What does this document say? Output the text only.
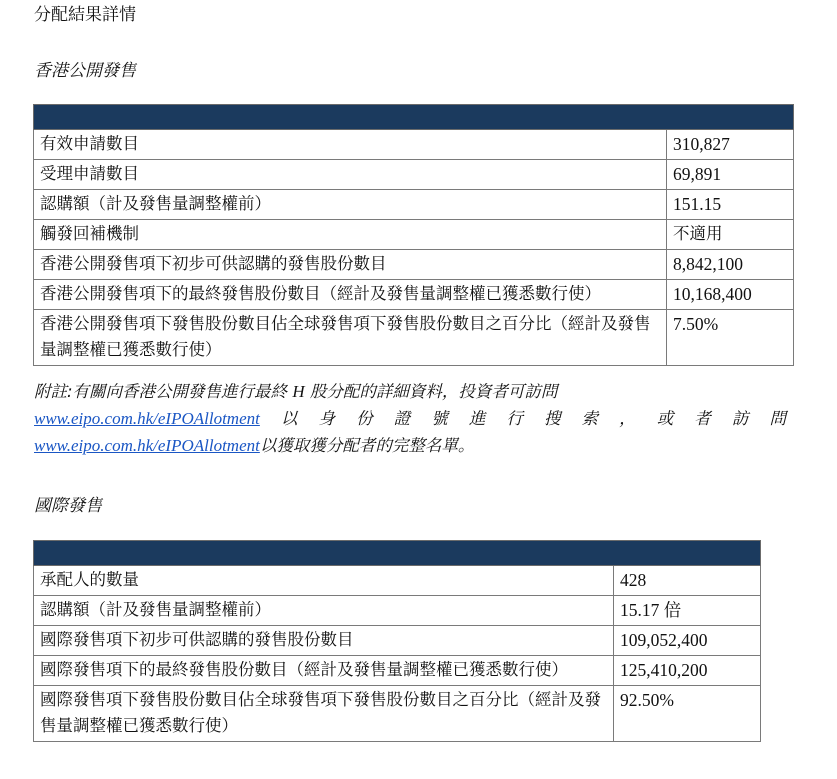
分配結果詳情
香港公開發售

有效申請數目	310,827
受理申請數目	69,891
認購額（計及發售量調整權前）	151.15
觸發回補機制	不適用
香港公開發售項下初步可供認購的發售股份數目	8,842,100
香港公開發售項下的最終發售股份數目（經計及發售量調整權已獲悉數行使）	10,168,400
香港公開發售項下發售股份數目佔全球發售項下發售股份數目之百分比（經計及發售量調整權已獲悉數行使）	7.50%
附註:有關向香港公開發售進行最終 H 股分配的詳細資料，投資者可訪問
www.eipo.com.hk/eIPOAllotment 以 身 份 證 號 進 行 搜 索 ， 或 者 訪 問
www.eipo.com.hk/eIPOAllotment以獲取獲分配者的完整名單。
國際發售

承配人的數量	428
認購額（計及發售量調整權前）	15.17 倍
國際發售項下初步可供認購的發售股份數目	109,052,400
國際發售項下的最終發售股份數目（經計及發售量調整權已獲悉數行使）	125,410,200
國際發售項下發售股份數目佔全球發售項下發售股份數目之百分比（經計及發售量調整權已獲悉數行使）	92.50%
